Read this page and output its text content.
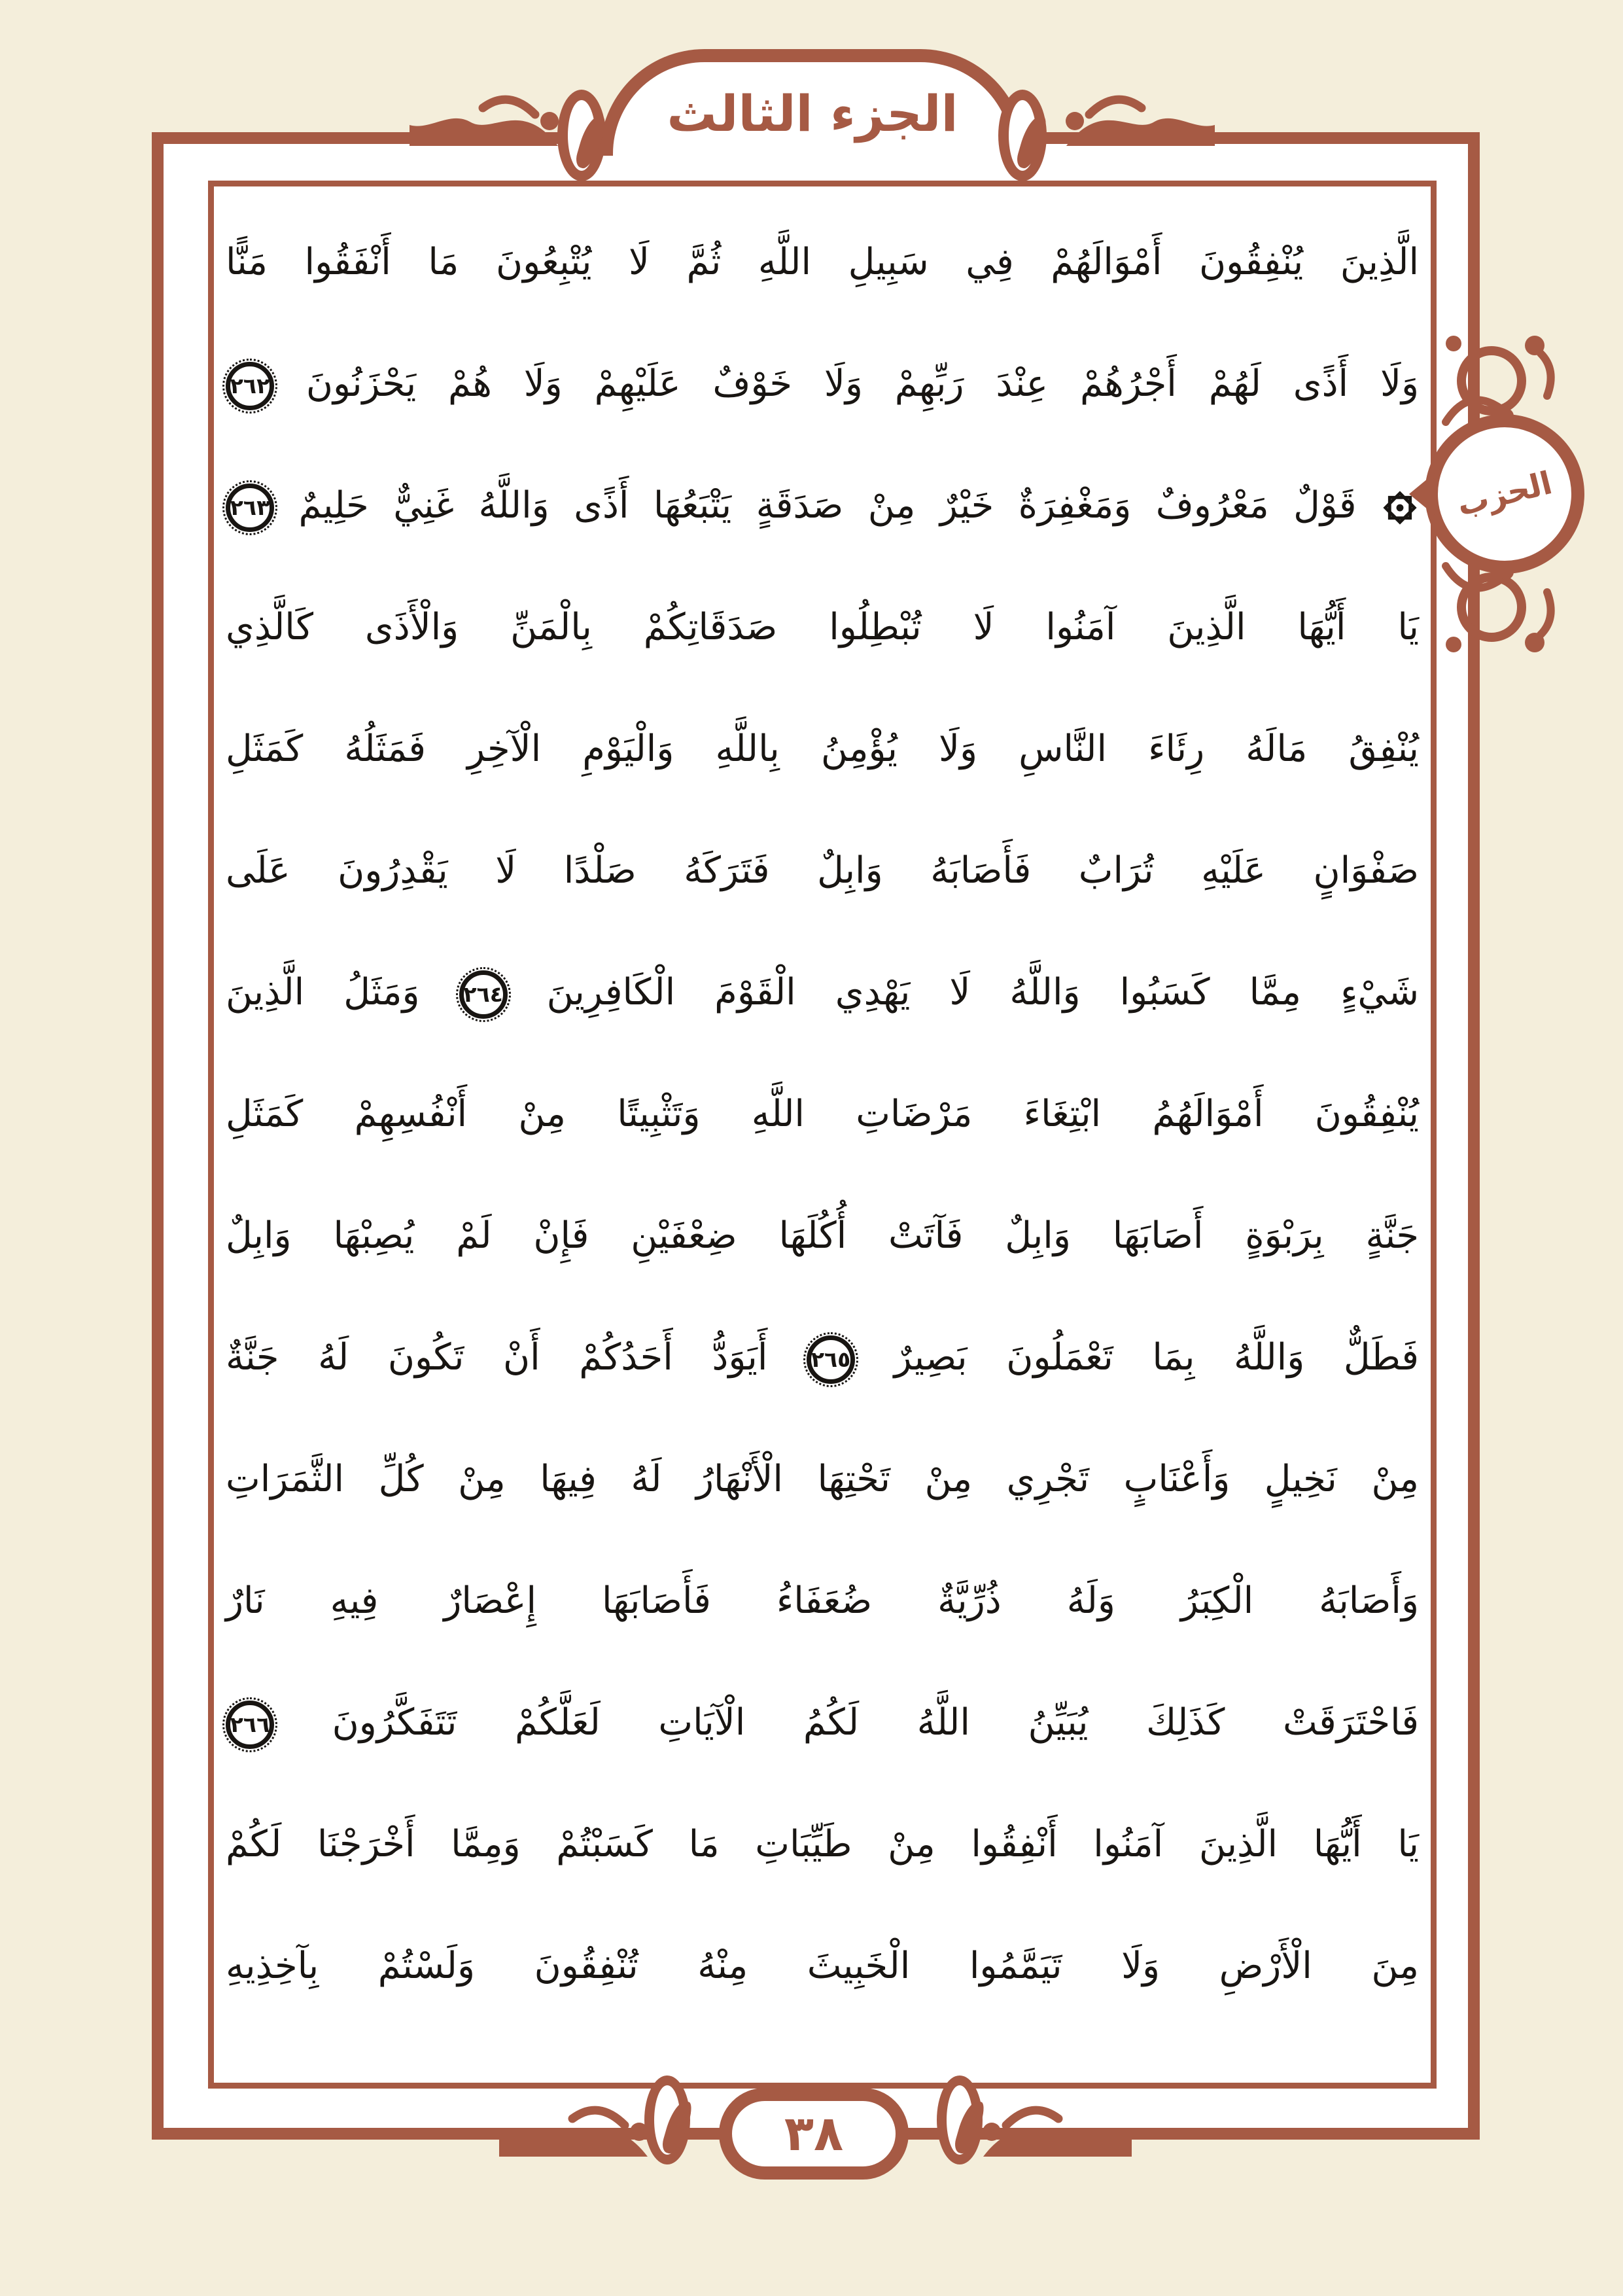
الجزء الثالث
الَّذِينَ يُنْفِقُونَ أَمْوَالَهُمْ فِي سَبِيلِ اللَّهِ ثُمَّ لَا يُتْبِعُونَ مَا أَنْفَقُوا مَنًّا
وَلَا أَذًى لَهُمْ أَجْرُهُمْ عِنْدَ رَبِّهِمْ وَلَا خَوْفٌ عَلَيْهِمْ وَلَا هُمْ يَحْزَنُونَ ٢٦٢
قَوْلٌ مَعْرُوفٌ وَمَغْفِرَةٌ خَيْرٌ مِنْ صَدَقَةٍ يَتْبَعُهَا أَذًى وَاللَّهُ غَنِيٌّ حَلِيمٌ ٢٦٣
يَا أَيُّهَا الَّذِينَ آمَنُوا لَا تُبْطِلُوا صَدَقَاتِكُمْ بِالْمَنِّ وَالْأَذَى كَالَّذِي
يُنْفِقُ مَالَهُ رِئَاءَ النَّاسِ وَلَا يُؤْمِنُ بِاللَّهِ وَالْيَوْمِ الْآخِرِ فَمَثَلُهُ كَمَثَلِ
صَفْوَانٍ عَلَيْهِ تُرَابٌ فَأَصَابَهُ وَابِلٌ فَتَرَكَهُ صَلْدًا لَا يَقْدِرُونَ عَلَى
شَيْءٍ مِمَّا كَسَبُوا وَاللَّهُ لَا يَهْدِي الْقَوْمَ الْكَافِرِينَ ٢٦٤ وَمَثَلُ الَّذِينَ
يُنْفِقُونَ أَمْوَالَهُمُ ابْتِغَاءَ مَرْضَاتِ اللَّهِ وَتَثْبِيتًا مِنْ أَنْفُسِهِمْ كَمَثَلِ
جَنَّةٍ بِرَبْوَةٍ أَصَابَهَا وَابِلٌ فَآتَتْ أُكُلَهَا ضِعْفَيْنِ فَإِنْ لَمْ يُصِبْهَا وَابِلٌ
فَطَلٌّ وَاللَّهُ بِمَا تَعْمَلُونَ بَصِيرٌ ٢٦٥ أَيَوَدُّ أَحَدُكُمْ أَنْ تَكُونَ لَهُ جَنَّةٌ
مِنْ نَخِيلٍ وَأَعْنَابٍ تَجْرِي مِنْ تَحْتِهَا الْأَنْهَارُ لَهُ فِيهَا مِنْ كُلِّ الثَّمَرَاتِ
وَأَصَابَهُ الْكِبَرُ وَلَهُ ذُرِّيَّةٌ ضُعَفَاءُ فَأَصَابَهَا إِعْصَارٌ فِيهِ نَارٌ
فَاحْتَرَقَتْ كَذَلِكَ يُبَيِّنُ اللَّهُ لَكُمُ الْآيَاتِ لَعَلَّكُمْ تَتَفَكَّرُونَ ٢٦٦
يَا أَيُّهَا الَّذِينَ آمَنُوا أَنْفِقُوا مِنْ طَيِّبَاتِ مَا كَسَبْتُمْ وَمِمَّا أَخْرَجْنَا لَكُمْ
مِنَ الْأَرْضِ وَلَا تَيَمَّمُوا الْخَبِيثَ مِنْهُ تُنْفِقُونَ وَلَسْتُمْ بِآخِذِيهِ
الحزب
٣٨
